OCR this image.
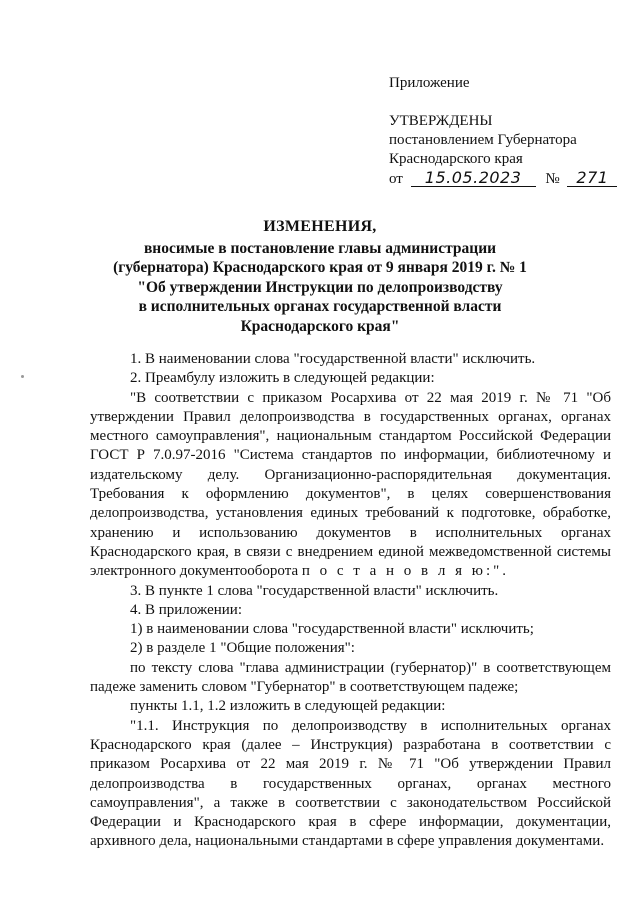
Приложение
УТВЕРЖДЕНЫ
постановлением Губернатора
Краснодарского края
от 15.05.2023 № 271
ИЗМЕНЕНИЯ,
вносимые в постановление главы администрации
(губернатора) Краснодарского края от 9 января 2019 г. № 1
"Об утверждении Инструкции по делопроизводству
в исполнительных органах государственной власти
Краснодарского края"

1. В наименовании слова "государственной власти" исключить.

2. Преамбулу изложить в следующей редакции:

"В соответствии с приказом Росархива от 22 мая 2019 г. № 71 "Об утверждении Правил делопроизводства в государственных органах, органах местного самоуправления", национальным стандартом Российской Федерации ГОСТ Р 7.0.97-2016 "Система стандартов по информации, библиотечному и издательскому делу. Организационно-распорядительная документация. Требования к оформлению документов", в целях совершенствования делопроизводства, установления единых требований к подготовке, обработке, хранению и использованию документов в исполнительных органах Краснодарского края, в связи с внедрением единой межведомственной системы электронного документооборота п о с т а н о в л я ю:".

3. В пункте 1 слова "государственной власти" исключить.

4. В приложении:

1) в наименовании слова "государственной власти" исключить;

2) в разделе 1 "Общие положения":

по тексту слова "глава администрации (губернатор)" в соответствующем падеже заменить словом "Губернатор" в соответствующем падеже;

пункты 1.1, 1.2 изложить в следующей редакции:

"1.1. Инструкция по делопроизводству в исполнительных органах Краснодарского края (далее – Инструкция) разработана в соответствии с приказом Росархива от 22 мая 2019 г. № 71 "Об утверждении Правил делопроизводства в государственных органах, органах местного самоуправления", а также в соответствии с законодательством Российской Федерации и Краснодарского края в сфере информации, документации, архивного дела, национальными стандартами в сфере управления документами.
